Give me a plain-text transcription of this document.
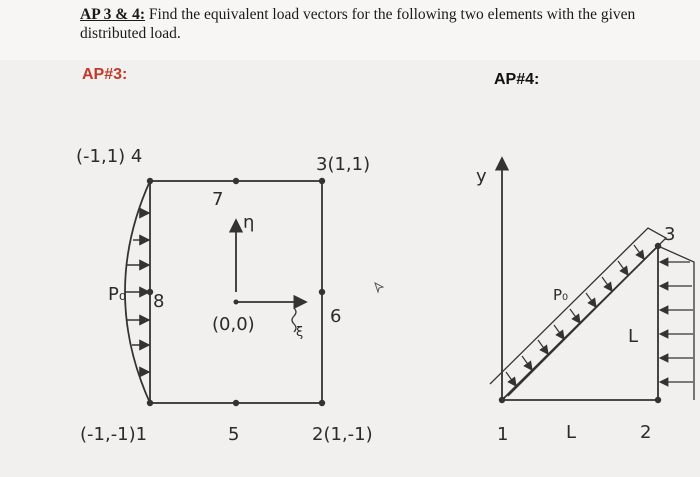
AP 3 & 4: Find the equivalent load vectors for the following two elements with the given distributed load.
AP#3:	AP#4:
(-1,1) 4	3(1,1)
7
η
P₀ 8
(0,0)	ξ
6
(-1,-1)1	5	2(1,-1)
y
3
P₀
L
1	L	2
